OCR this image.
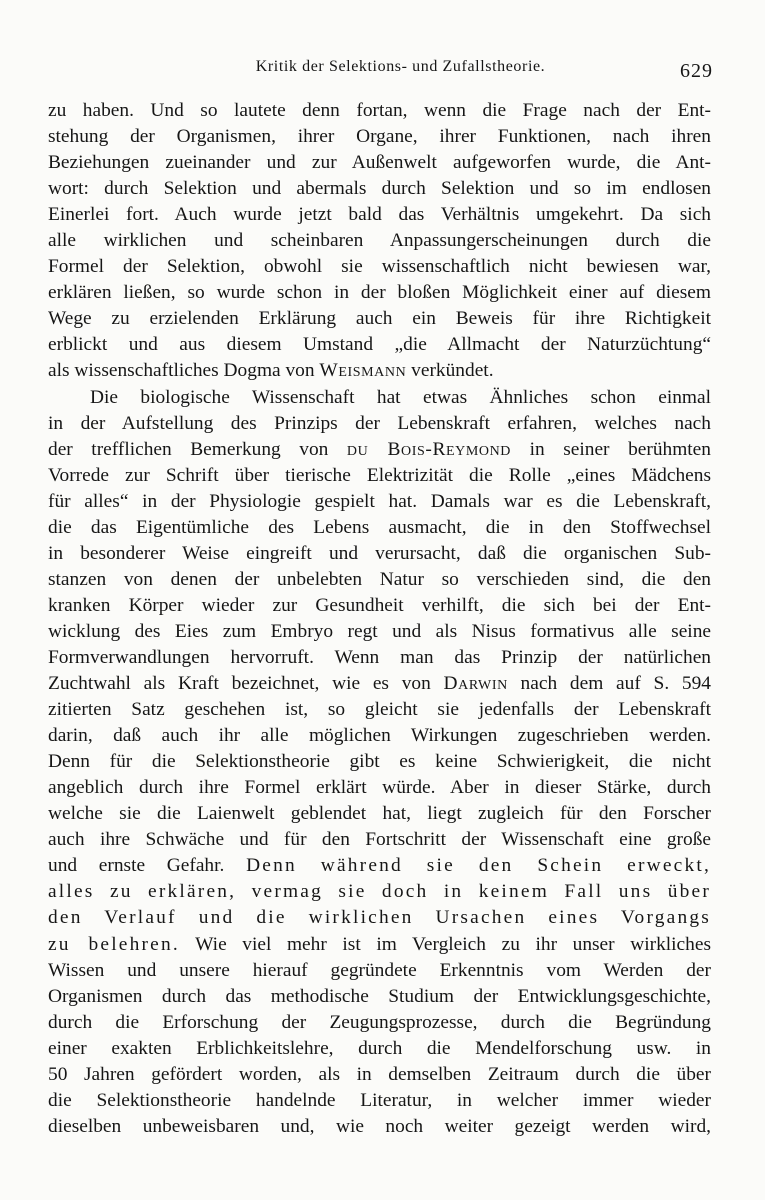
Kritik der Selektions- und Zufallstheorie.	629
zu haben. Und so lautete denn fortan, wenn die Frage nach der Ent-
stehung der Organismen, ihrer Organe, ihrer Funktionen, nach ihren
Beziehungen zueinander und zur Außenwelt aufgeworfen wurde, die Ant-
wort: durch Selektion und abermals durch Selektion und so im endlosen
Einerlei fort. Auch wurde jetzt bald das Verhältnis umgekehrt. Da sich
alle wirklichen und scheinbaren Anpassungerscheinungen durch die
Formel der Selektion, obwohl sie wissenschaftlich nicht bewiesen war,
erklären ließen, so wurde schon in der bloßen Möglichkeit einer auf diesem
Wege zu erzielenden Erklärung auch ein Beweis für ihre Richtigkeit
erblickt und aus diesem Umstand „die Allmacht der Naturzüchtung“
als wissenschaftliches Dogma von Weismann verkündet.
Die biologische Wissenschaft hat etwas Ähnliches schon einmal
in der Aufstellung des Prinzips der Lebenskraft erfahren, welches nach
der trefflichen Bemerkung von du Bois-Reymond in seiner berühmten
Vorrede zur Schrift über tierische Elektrizität die Rolle „eines Mädchens
für alles“ in der Physiologie gespielt hat. Damals war es die Lebenskraft,
die das Eigentümliche des Lebens ausmacht, die in den Stoffwechsel
in besonderer Weise eingreift und verursacht, daß die organischen Sub-
stanzen von denen der unbelebten Natur so verschieden sind, die den
kranken Körper wieder zur Gesundheit verhilft, die sich bei der Ent-
wicklung des Eies zum Embryo regt und als Nisus formativus alle seine
Formverwandlungen hervorruft. Wenn man das Prinzip der natürlichen
Zuchtwahl als Kraft bezeichnet, wie es von Darwin nach dem auf S. 594
zitierten Satz geschehen ist, so gleicht sie jedenfalls der Lebenskraft
darin, daß auch ihr alle möglichen Wirkungen zugeschrieben werden.
Denn für die Selektionstheorie gibt es keine Schwierigkeit, die nicht
angeblich durch ihre Formel erklärt würde. Aber in dieser Stärke, durch
welche sie die Laienwelt geblendet hat, liegt zugleich für den Forscher
auch ihre Schwäche und für den Fortschritt der Wissenschaft eine große
und ernste Gefahr. Denn während sie den Schein erweckt,
alles zu erklären, vermag sie doch in keinem Fall uns über
den Verlauf und die wirklichen Ursachen eines Vorgangs
zu belehren. Wie viel mehr ist im Vergleich zu ihr unser wirkliches
Wissen und unsere hierauf gegründete Erkenntnis vom Werden der
Organismen durch das methodische Studium der Entwicklungsgeschichte,
durch die Erforschung der Zeugungsprozesse, durch die Begründung
einer exakten Erblichkeitslehre, durch die Mendelforschung usw. in
50 Jahren gefördert worden, als in demselben Zeitraum durch die über
die Selektionstheorie handelnde Literatur, in welcher immer wieder
dieselben unbeweisbaren und, wie noch weiter gezeigt werden wird,
